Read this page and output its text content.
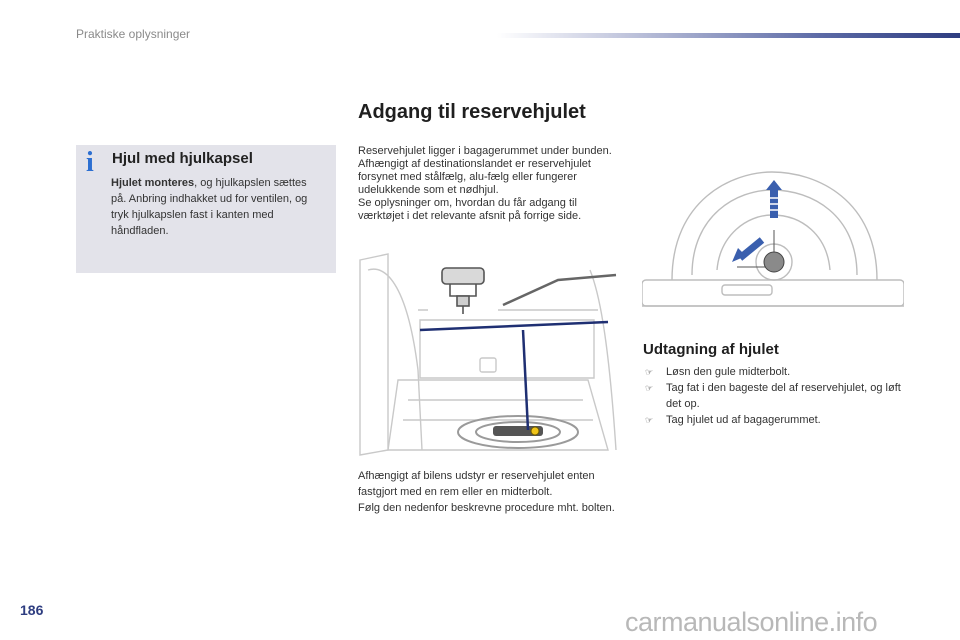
Praktiske oplysninger
i Hjul med hjulkapsel
Hjulet monteres, og hjulkapslen sættes på. Anbring indhakket ud for ventilen, og tryk hjulkapslen fast i kanten med håndfladen.
Adgang til reservehjulet

Reservehjulet ligger i bagagerummet under bunden.

Afhængigt af destinationslandet er reservehjulet forsynet med stålfælg, alu-fælg eller fungerer udelukkende som et nødhjul.

Se oplysninger om, hvordan du får adgang til værktøjet i det relevante afsnit på forrige side.

Afhængigt af bilens udstyr er reservehjulet enten fastgjort med en rem eller en midterbolt.

Følg den nedenfor beskrevne procedure mht. bolten.

Udtagning af hjulet
☞ Løsn den gule midterbolt.
☞ Tag fat i den bageste del af reservehjulet, og løft det op.
☞ Tag hjulet ud af bagagerummet.
186	carmanualsonline.info
